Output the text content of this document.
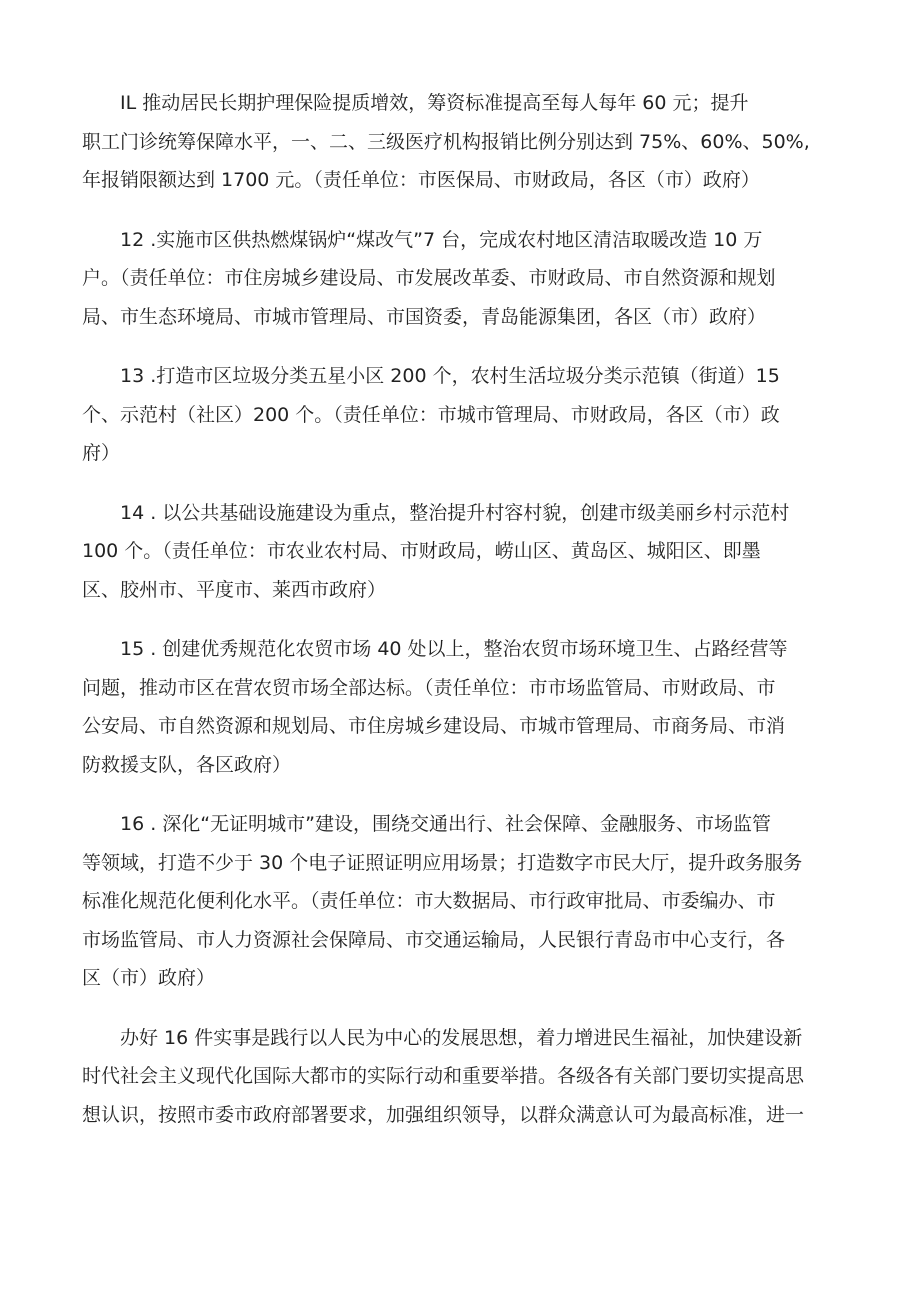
IL 推动居民长期护理保险提质增效，筹资标准提高至每人每年 60 元；提升
职工门诊统筹保障水平，一、二、三级医疗机构报销比例分别达到 75%、60%、50%,
年报销限额达到 1700 元。（责任单位：市医保局、市财政局，各区（市）政府）
12 .实施市区供热燃煤锅炉“煤改气”7 台，完成农村地区清洁取暖改造 10 万
户。（责任单位：市住房城乡建设局、市发展改革委、市财政局、市自然资源和规划
局、市生态环境局、市城市管理局、市国资委，青岛能源集团，各区（市）政府）
13 .打造市区垃圾分类五星小区 200 个，农村生活垃圾分类示范镇（街道）15
个、示范村（社区）200 个。（责任单位：市城市管理局、市财政局，各区（市）政
府）
14 . 以公共基础设施建设为重点，整治提升村容村貌，创建市级美丽乡村示范村
100 个。（责任单位：市农业农村局、市财政局，崂山区、黄岛区、城阳区、即墨
区、胶州市、平度市、莱西市政府）
15 . 创建优秀规范化农贸市场 40 处以上，整治农贸市场环境卫生、占路经营等
问题，推动市区在营农贸市场全部达标。（责任单位：市市场监管局、市财政局、市
公安局、市自然资源和规划局、市住房城乡建设局、市城市管理局、市商务局、市消
防救援支队，各区政府）
16 . 深化“无证明城市”建设，围绕交通出行、社会保障、金融服务、市场监管
等领域，打造不少于 30 个电子证照证明应用场景；打造数字市民大厅，提升政务服务
标准化规范化便利化水平。（责任单位：市大数据局、市行政审批局、市委编办、市
市场监管局、市人力资源社会保障局、市交通运输局，人民银行青岛市中心支行，各
区（市）政府）
办好 16 件实事是践行以人民为中心的发展思想，着力增进民生福祉，加快建设新
时代社会主义现代化国际大都市的实际行动和重要举措。各级各有关部门要切实提高思
想认识，按照市委市政府部署要求，加强组织领导，以群众满意认可为最高标准，进一
